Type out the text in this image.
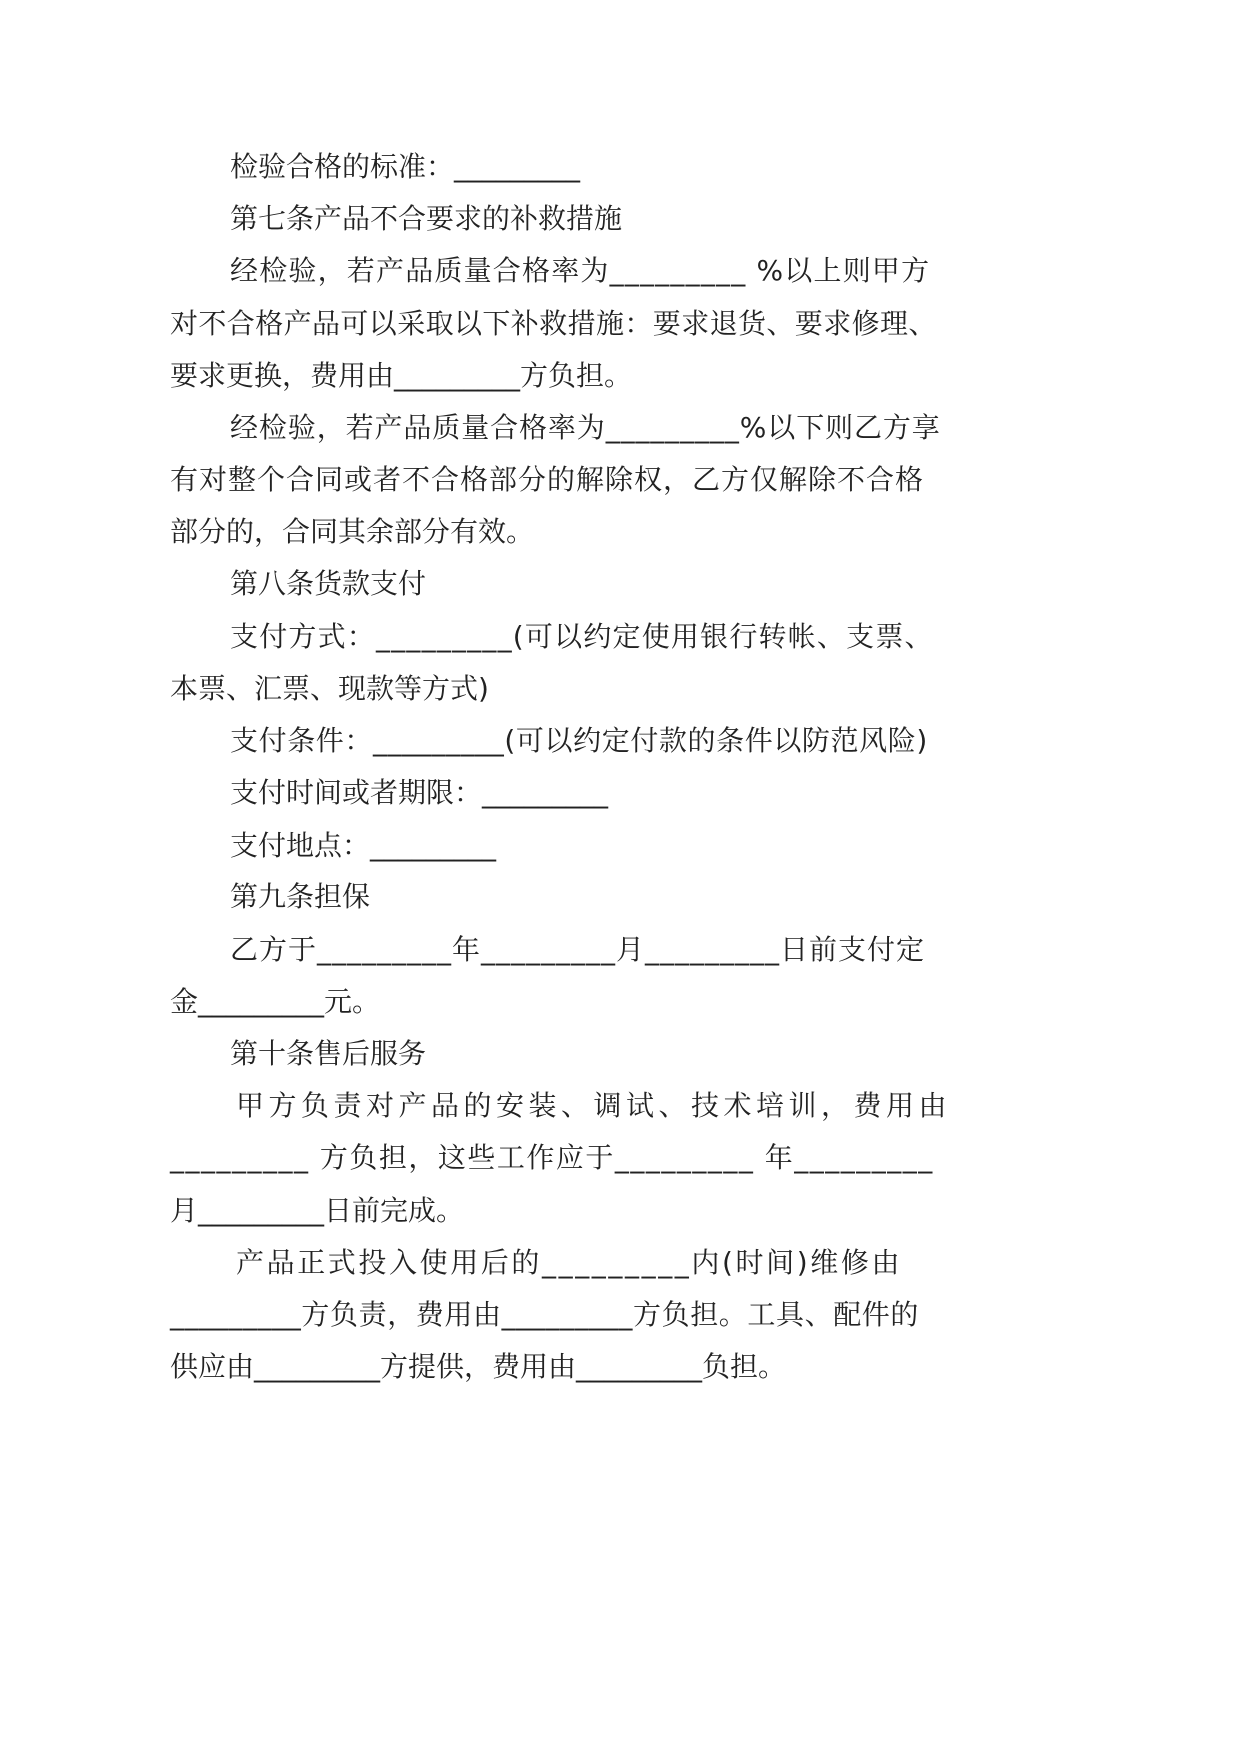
检验合格的标准：_________
第七条产品不合要求的补救措施
经检验，若产品质量合格率为_________ %以上则甲方
对不合格产品可以采取以下补救措施：要求退货、要求修理、
要求更换，费用由_________方负担。
经检验，若产品质量合格率为_________%以下则乙方享
有对整个合同或者不合格部分的解除权，乙方仅解除不合格
部分的，合同其余部分有效。
第八条货款支付
支付方式：_________(可以约定使用银行转帐、支票、
本票、汇票、现款等方式)
支付条件：_________(可以约定付款的条件以防范风险)
支付时间或者期限：_________
支付地点：_________
第九条担保
乙方于_________年_________月_________日前支付定
金_________元。
第十条售后服务
甲方负责对产品的安装、调试、技术培训，费用由
_________ 方负担，这些工作应于_________ 年_________
月_________日前完成。
产品正式投入使用后的_________内(时间)维修由
_________方负责，费用由_________方负担。工具、配件的
供应由_________方提供，费用由_________负担。
